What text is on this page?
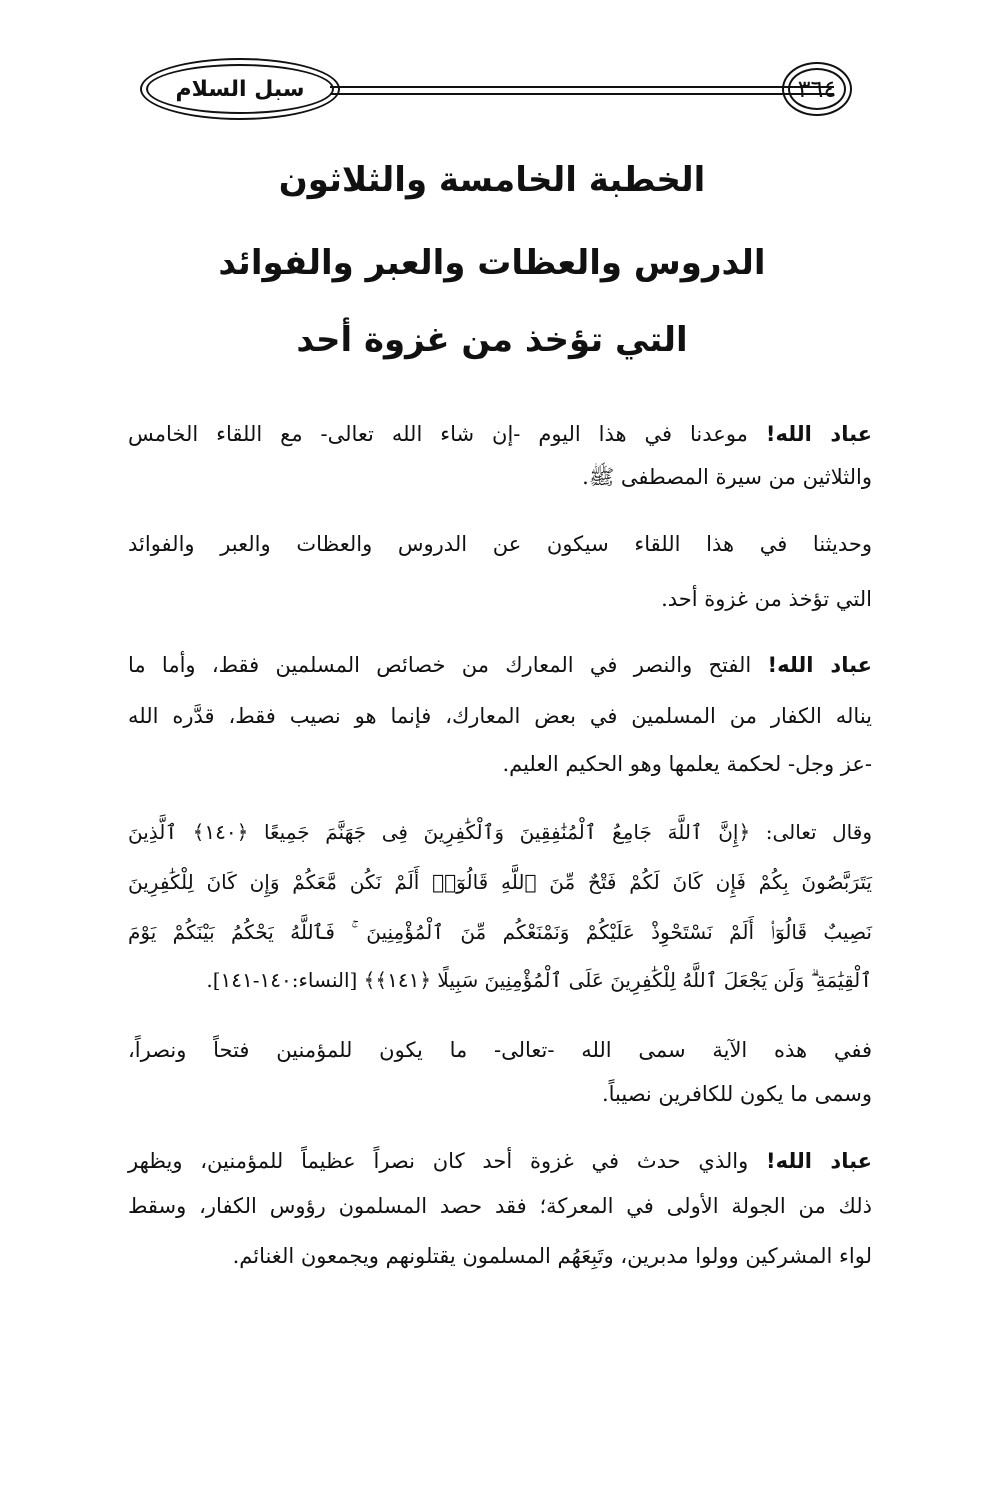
سبل السلام	٣٦٤
الخطبة الخامسة والثلاثون
الدروس والعظات والعبر والفوائد
التي تؤخذ من غزوة أحد
عباد الله! موعدنا في هذا اليوم -إن شاء الله تعالى- مع اللقاء الخامس
والثلاثين من سيرة المصطفى ﷺ.
وحديثنا في هذا اللقاء سيكون عن الدروس والعظات والعبر والفوائد
التي تؤخذ من غزوة أحد.
عباد الله! الفتح والنصر في المعارك من خصائص المسلمين فقط، وأما ما
يناله الكفار من المسلمين في بعض المعارك، فإنما هو نصيب فقط، قدَّره الله
-عز وجل- لحكمة يعلمها وهو الحكيم العليم.
وقال تعالى: ﴿إِنَّ ٱللَّهَ جَامِعُ ٱلْمُنَٰفِقِينَ وَٱلْكَٰفِرِينَ فِى جَهَنَّمَ جَمِيعًا ﴿١٤٠﴾ ٱلَّذِينَ
يَتَرَبَّصُونَ بِكُمْ فَإِن كَانَ لَكُمْ فَتْحٌ مِّنَ ٱللَّهِ قَالُوٓا۟ أَلَمْ نَكُن مَّعَكُمْ وَإِن كَانَ لِلْكَٰفِرِينَ
نَصِيبٌ قَالُوٓا۟ أَلَمْ نَسْتَحْوِذْ عَلَيْكُمْ وَنَمْنَعْكُم مِّنَ ٱلْمُؤْمِنِينَ ۚ فَٱللَّهُ يَحْكُمُ بَيْنَكُمْ يَوْمَ
ٱلْقِيَٰمَةِ ۗ وَلَن يَجْعَلَ ٱللَّهُ لِلْكَٰفِرِينَ عَلَى ٱلْمُؤْمِنِينَ سَبِيلًا ﴿١٤١﴾﴾ [النساء:١٤٠-١٤١].
ففي هذه الآية سمى الله -تعالى- ما يكون للمؤمنين فتحاً ونصراً،
وسمى ما يكون للكافرين نصيباً.
عباد الله! والذي حدث في غزوة أحد كان نصراً عظيماً للمؤمنين، ويظهر
ذلك من الجولة الأولى في المعركة؛ فقد حصد المسلمون رؤوس الكفار، وسقط
لواء المشركين وولوا مدبرين، وتَبِعَهُم المسلمون يقتلونهم ويجمعون الغنائم.
